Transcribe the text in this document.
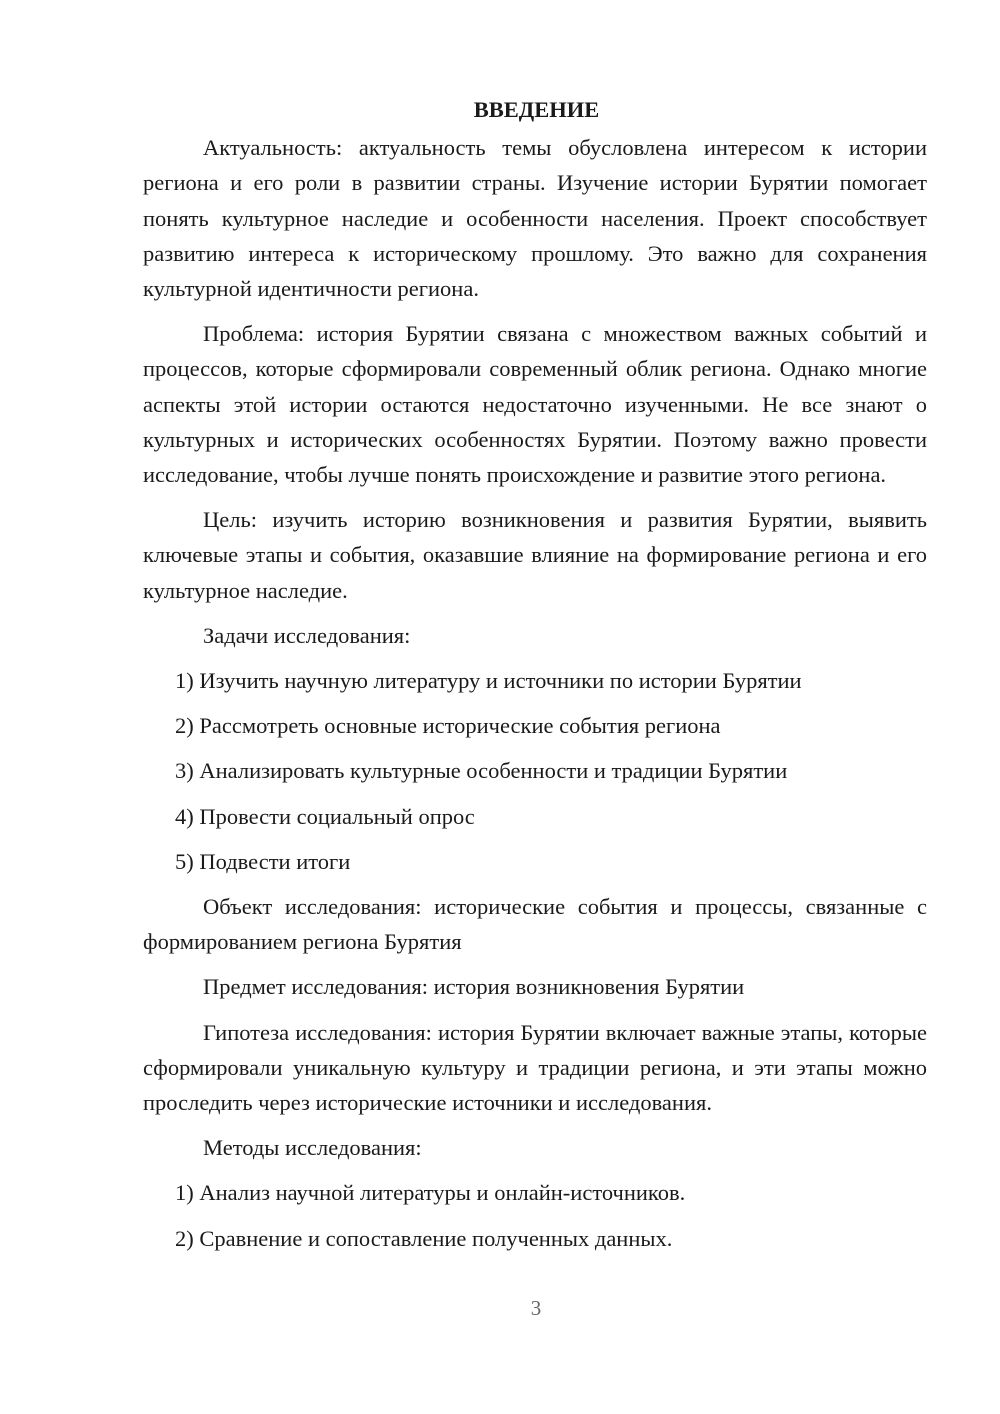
ВВЕДЕНИЕ

Актуальность: актуальность темы обусловлена интересом к истории региона и его роли в развитии страны. Изучение истории Бурятии помогает понять культурное наследие и особенности населения. Проект способствует развитию интереса к историческому прошлому. Это важно для сохранения культурной идентичности региона.

Проблема: история Бурятии связана с множеством важных событий и процессов, которые сформировали современный облик региона. Однако многие аспекты этой истории остаются недостаточно изученными. Не все знают о культурных и исторических особенностях Бурятии. Поэтому важно провести исследование, чтобы лучше понять происхождение и развитие этого региона.

Цель: изучить историю возникновения и развития Бурятии, выявить ключевые этапы и события, оказавшие влияние на формирование региона и его культурное наследие.

Задачи исследования:

1) Изучить научную литературу и источники по истории Бурятии
2) Рассмотреть основные исторические события региона
3) Анализировать культурные особенности и традиции Бурятии
4) Провести социальный опрос
5) Подвести итоги

Объект исследования: исторические события и процессы, связанные с формированием региона Бурятия

Предмет исследования: история возникновения Бурятии

Гипотеза исследования: история Бурятии включает важные этапы, которые сформировали уникальную культуру и традиции региона, и эти этапы можно проследить через исторические источники и исследования.

Методы исследования:

1) Анализ научной литературы и онлайн-источников.
2) Сравнение и сопоставление полученных данных.
3
